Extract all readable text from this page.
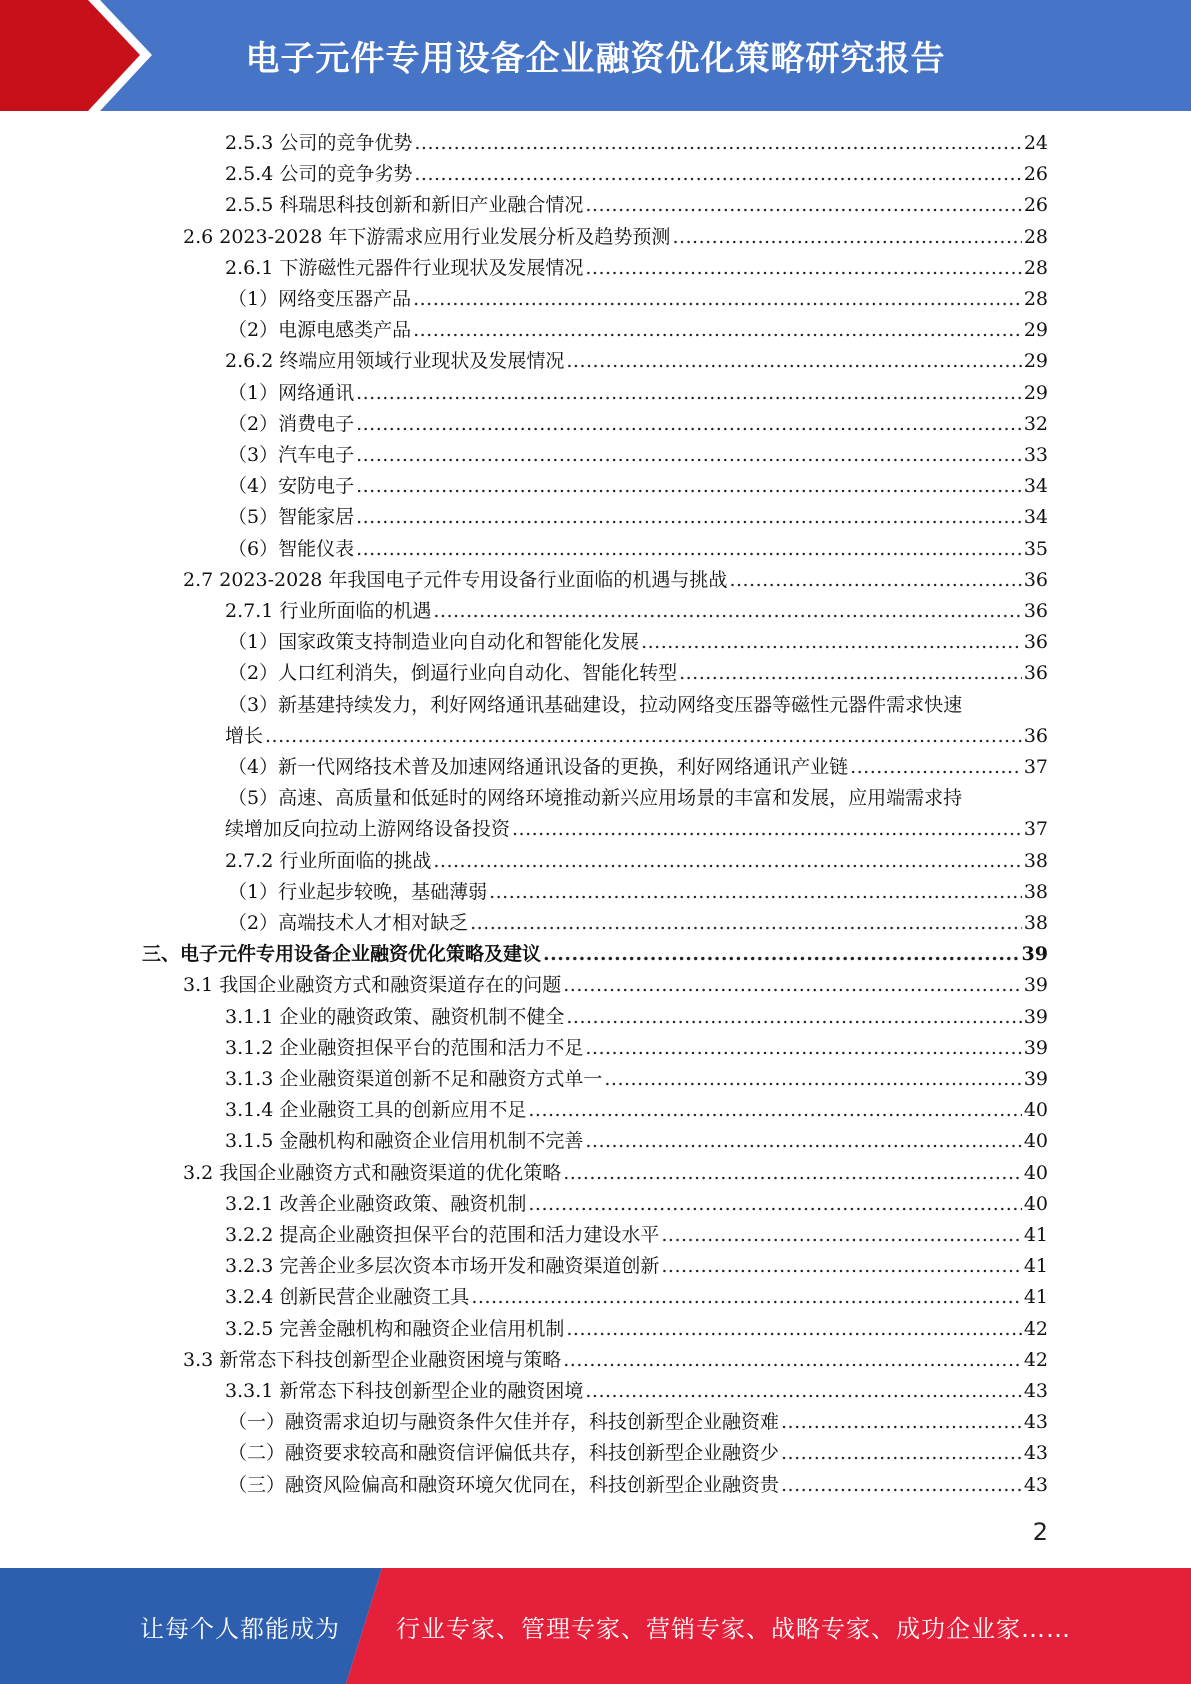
电子元件专用设备企业融资优化策略研究报告
2.5.3 公司的竞争优势 .....	24
2.5.4 公司的竞争劣势 .....	26
2.5.5 科瑞思科技创新和新旧产业融合情况 .....	26
2.6 2023-2028 年下游需求应用行业发展分析及趋势预测 .....	28
2.6.1 下游磁性元器件行业现状及发展情况 .....	28
（1）网络变压器产品 .....	28
（2）电源电感类产品 .....	29
2.6.2 终端应用领域行业现状及发展情况 .....	29
（1）网络通讯 .....	29
（2）消费电子 .....	32
（3）汽车电子 .....	33
（4）安防电子 .....	34
（5）智能家居 .....	34
（6）智能仪表 .....	35
2.7 2023-2028 年我国电子元件专用设备行业面临的机遇与挑战 .....	36
2.7.1 行业所面临的机遇 .....	36
（1）国家政策支持制造业向自动化和智能化发展 .....	36
（2）人口红利消失，倒逼行业向自动化、智能化转型 .....	36
（3）新基建持续发力，利好网络通讯基础建设，拉动网络变压器等磁性元器件需求快速
增长 .....	36
（4）新一代网络技术普及加速网络通讯设备的更换，利好网络通讯产业链 .....	37
（5）高速、高质量和低延时的网络环境推动新兴应用场景的丰富和发展，应用端需求持
续增加反向拉动上游网络设备投资 .....	37
2.7.2 行业所面临的挑战 .....	38
（1）行业起步较晚，基础薄弱 .....	38
（2）高端技术人才相对缺乏 .....	38
三、电子元件专用设备企业融资优化策略及建议 .....	39
3.1 我国企业融资方式和融资渠道存在的问题 .....	39
3.1.1 企业的融资政策、融资机制不健全 .....	39
3.1.2 企业融资担保平台的范围和活力不足 .....	39
3.1.3 企业融资渠道创新不足和融资方式单一 .....	39
3.1.4 企业融资工具的创新应用不足 .....	40
3.1.5 金融机构和融资企业信用机制不完善 .....	40
3.2 我国企业融资方式和融资渠道的优化策略 .....	40
3.2.1 改善企业融资政策、融资机制 .....	40
3.2.2 提高企业融资担保平台的范围和活力建设水平 .....	41
3.2.3 完善企业多层次资本市场开发和融资渠道创新 .....	41
3.2.4 创新民营企业融资工具 .....	41
3.2.5 完善金融机构和融资企业信用机制 .....	42
3.3 新常态下科技创新型企业融资困境与策略 .....	42
3.3.1 新常态下科技创新型企业的融资困境 .....	43
（一）融资需求迫切与融资条件欠佳并存，科技创新型企业融资难 .....	43
（二）融资要求较高和融资信评偏低共存，科技创新型企业融资少 .....	43
（三）融资风险偏高和融资环境欠优同在，科技创新型企业融资贵 .....	43
2
让每个人都能成为 行业专家、管理专家、营销专家、战略专家、成功企业家……
